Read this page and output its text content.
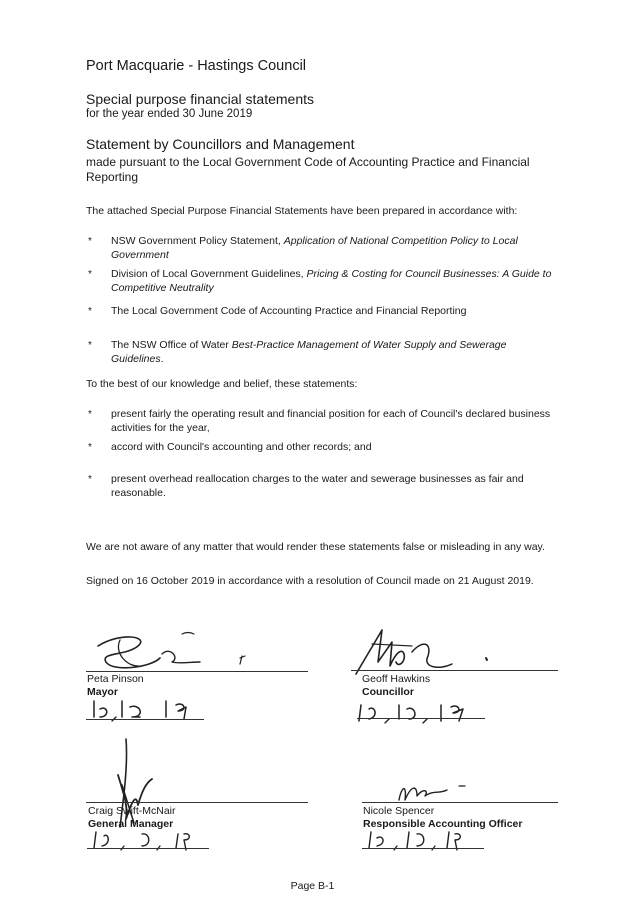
Port Macquarie - Hastings Council
Special purpose financial statements
for the year ended 30 June 2019
Statement by Councillors and Management
made pursuant to the Local Government Code of Accounting Practice and Financial Reporting
The attached Special Purpose Financial Statements have been prepared in accordance with:
* NSW Government Policy Statement, Application of National Competition Policy to Local Government
* Division of Local Government Guidelines, Pricing & Costing for Council Businesses: A Guide to Competitive Neutrality
* The Local Government Code of Accounting Practice and Financial Reporting
* The NSW Office of Water Best-Practice Management of Water Supply and Sewerage Guidelines.
To the best of our knowledge and belief, these statements:
* present fairly the operating result and financial position for each of Council's declared business activities for the year,
* accord with Council's accounting and other records; and
* present overhead reallocation charges to the water and sewerage businesses as fair and reasonable.
We are not aware of any matter that would render these statements false or misleading in any way.
Signed on 16 October 2019 in accordance with a resolution of Council made on 21 August 2019.
Peta Pinson
Mayor
Geoff Hawkins
Councillor
Craig Swift-McNair
General Manager
Nicole Spencer
Responsible Accounting Officer
Page B-1
